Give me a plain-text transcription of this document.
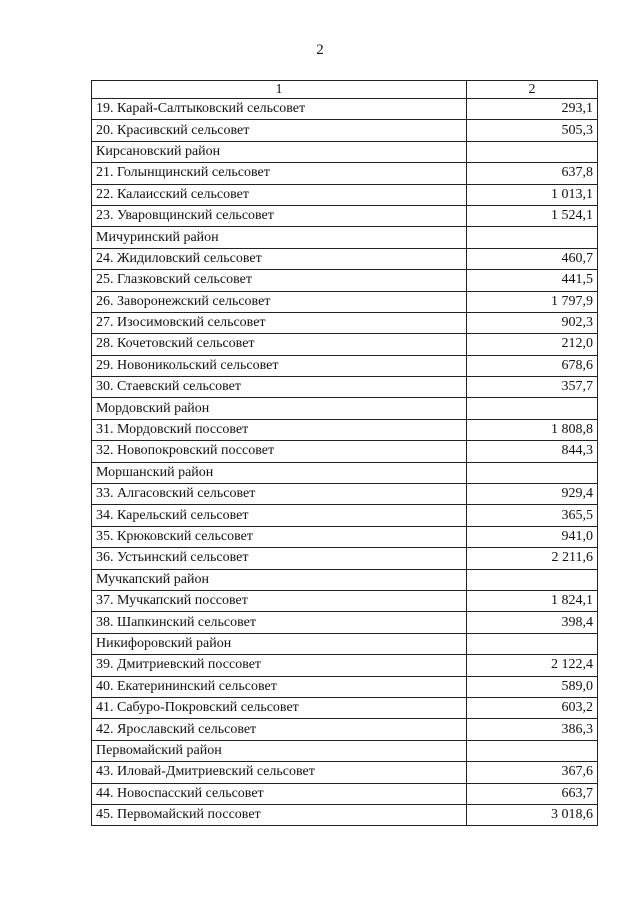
2
1	2
19. Карай-Салтыковский сельсовет	293,1
20. Красивский сельсовет	505,3
Кирсановский район	
21. Голынщинский сельсовет	637,8
22. Калаисский сельсовет	1 013,1
23. Уваровщинский сельсовет	1 524,1
Мичуринский район	
24. Жидиловский сельсовет	460,7
25. Глазковский сельсовет	441,5
26. Заворонежский сельсовет	1 797,9
27. Изосимовский сельсовет	902,3
28. Кочетовский сельсовет	212,0
29. Новоникольский сельсовет	678,6
30. Стаевский сельсовет	357,7
Мордовский район	
31. Мордовский поссовет	1 808,8
32. Новопокровский поссовет	844,3
Моршанский район	
33. Алгасовский сельсовет	929,4
34. Карельский сельсовет	365,5
35. Крюковский сельсовет	941,0
36. Устьинский сельсовет	2 211,6
Мучкапский район	
37. Мучкапский поссовет	1 824,1
38. Шапкинский сельсовет	398,4
Никифоровский район	
39. Дмитриевский поссовет	2 122,4
40. Екатерининский сельсовет	589,0
41. Сабуро-Покровский сельсовет	603,2
42. Ярославский сельсовет	386,3
Первомайский район	
43. Иловай-Дмитриевский сельсовет	367,6
44. Новоспасский сельсовет	663,7
45. Первомайский поссовет	3 018,6
